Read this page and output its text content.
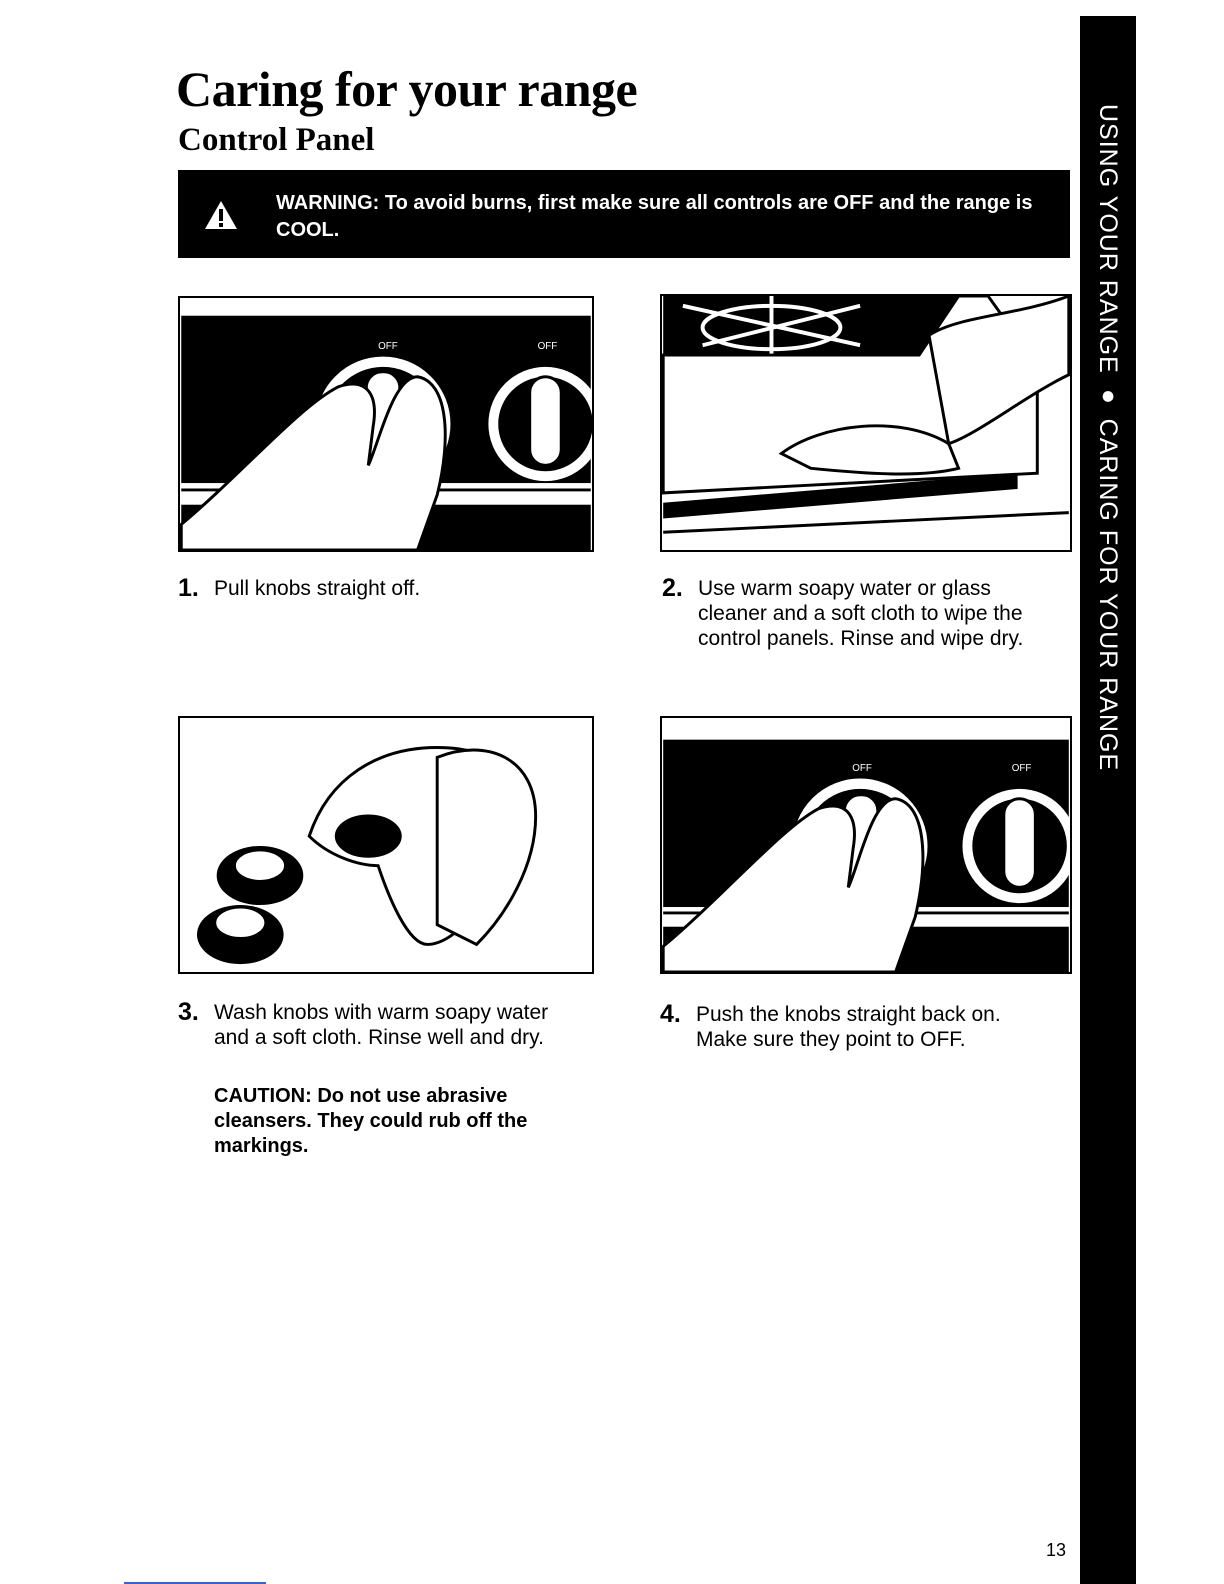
Caring for your range
Control Panel
WARNING: To avoid burns, first make sure all controls are OFF and the range is COOL.	USING YOUR RANGE ● CARING FOR YOUR RANGE
OFF	OFF
rear
1. Pull knobs straight off.	2. Use warm soapy water or glass cleaner and a soft cloth to wipe the control panels. Rinse and wipe dry.
OFF	OFF
rear
3. Wash knobs with warm soapy water and a soft cloth. Rinse well and dry.
CAUTION: Do not use abrasive cleansers. They could rub off the markings.
4. Push the knobs straight back on. Make sure they point to OFF.
13
